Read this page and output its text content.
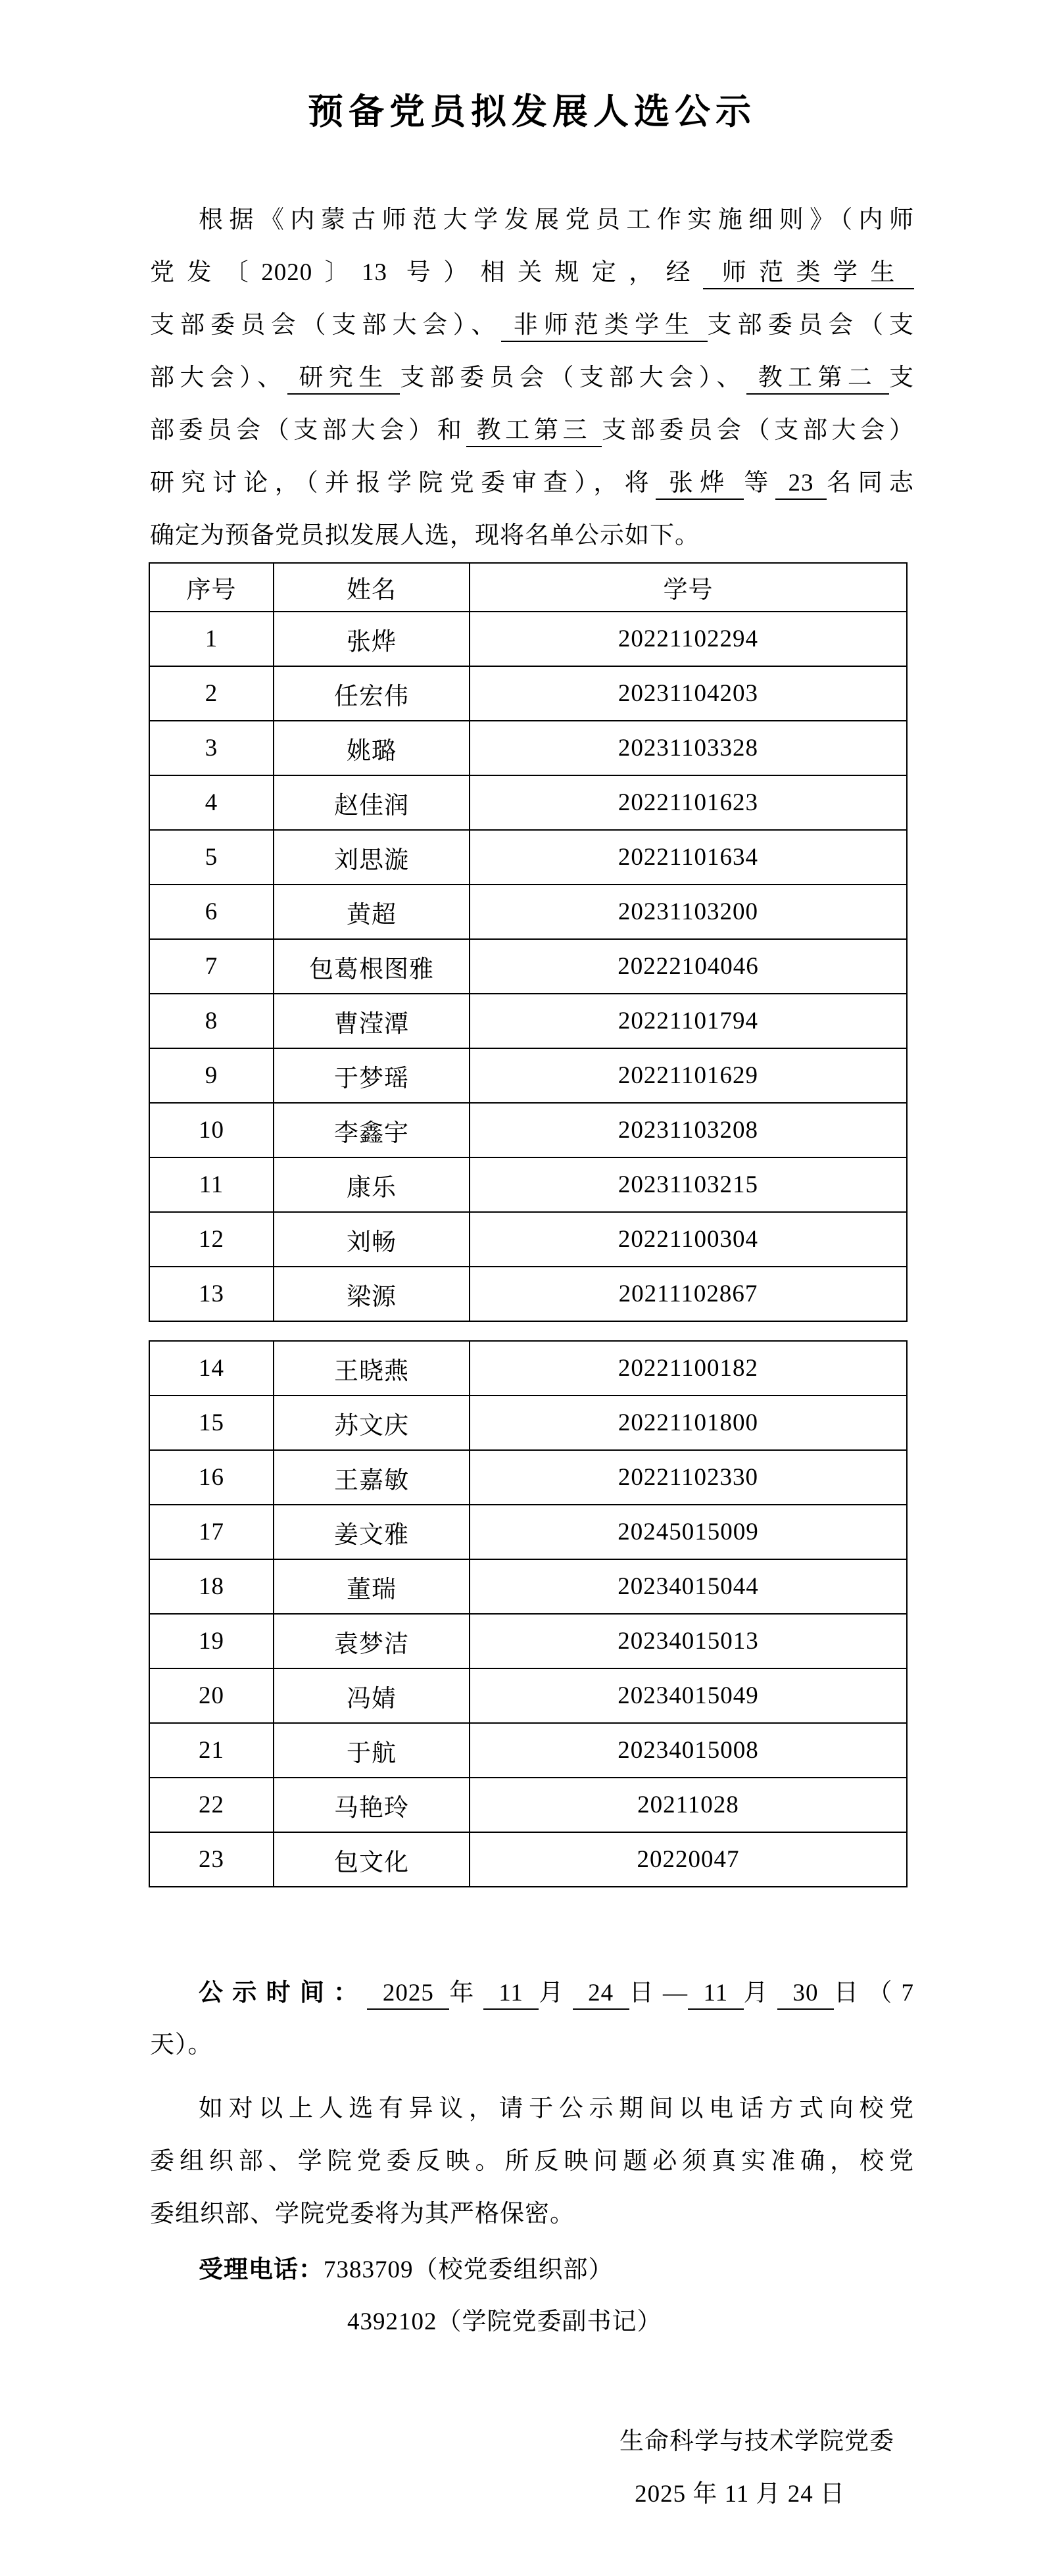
预备党员拟发展人选公示
根据《内蒙古师范大学发展党员工作实施细则》（内师
党发〔2020〕13 号）相关规定，经 师范类学生
支部委员会（支部大会）、 非师范类学生 支部委员会（支
部大会）、 研究生 支部委员会（支部大会）、 教工第二 支
部委员会（支部大会）和 教工第三 支部委员会（支部大会）
研究讨论，（并报学院党委审查），将 张烨 等 23 名同志
确定为预备党员拟发展人选，现将名单公示如下。
序号	姓名	学号
1	张烨	20221102294
2	任宏伟	20231104203
3	姚璐	20231103328
4	赵佳润	20221101623
5	刘思漩	20221101634
6	黄超	20231103200
7	包葛根图雅	20222104046
8	曹滢潭	20221101794
9	于梦瑶	20221101629
10	李鑫宇	20231103208
11	康乐	20231103215
12	刘畅	20221100304
13	梁源	20211102867
14	王晓燕	20221100182
15	苏文庆	20221101800
16	王嘉敏	20221102330
17	姜文雅	20245015009
18	董瑞	20234015044
19	袁梦洁	20234015013
20	冯婧	20234015049
21	于航	20234015008
22	马艳玲	20211028
23	包文化	20220047
公示时间： 2025 年 11 月 24 日— 11 月 30 日（7
天）。
如对以上人选有异议，请于公示期间以电话方式向校党
委组织部、学院党委反映。所反映问题必须真实准确，校党
委组织部、学院党委将为其严格保密。
受理电话：7383709（校党委组织部）
4392102（学院党委副书记）
生命科学与技术学院党委
2025 年 11 月 24 日
